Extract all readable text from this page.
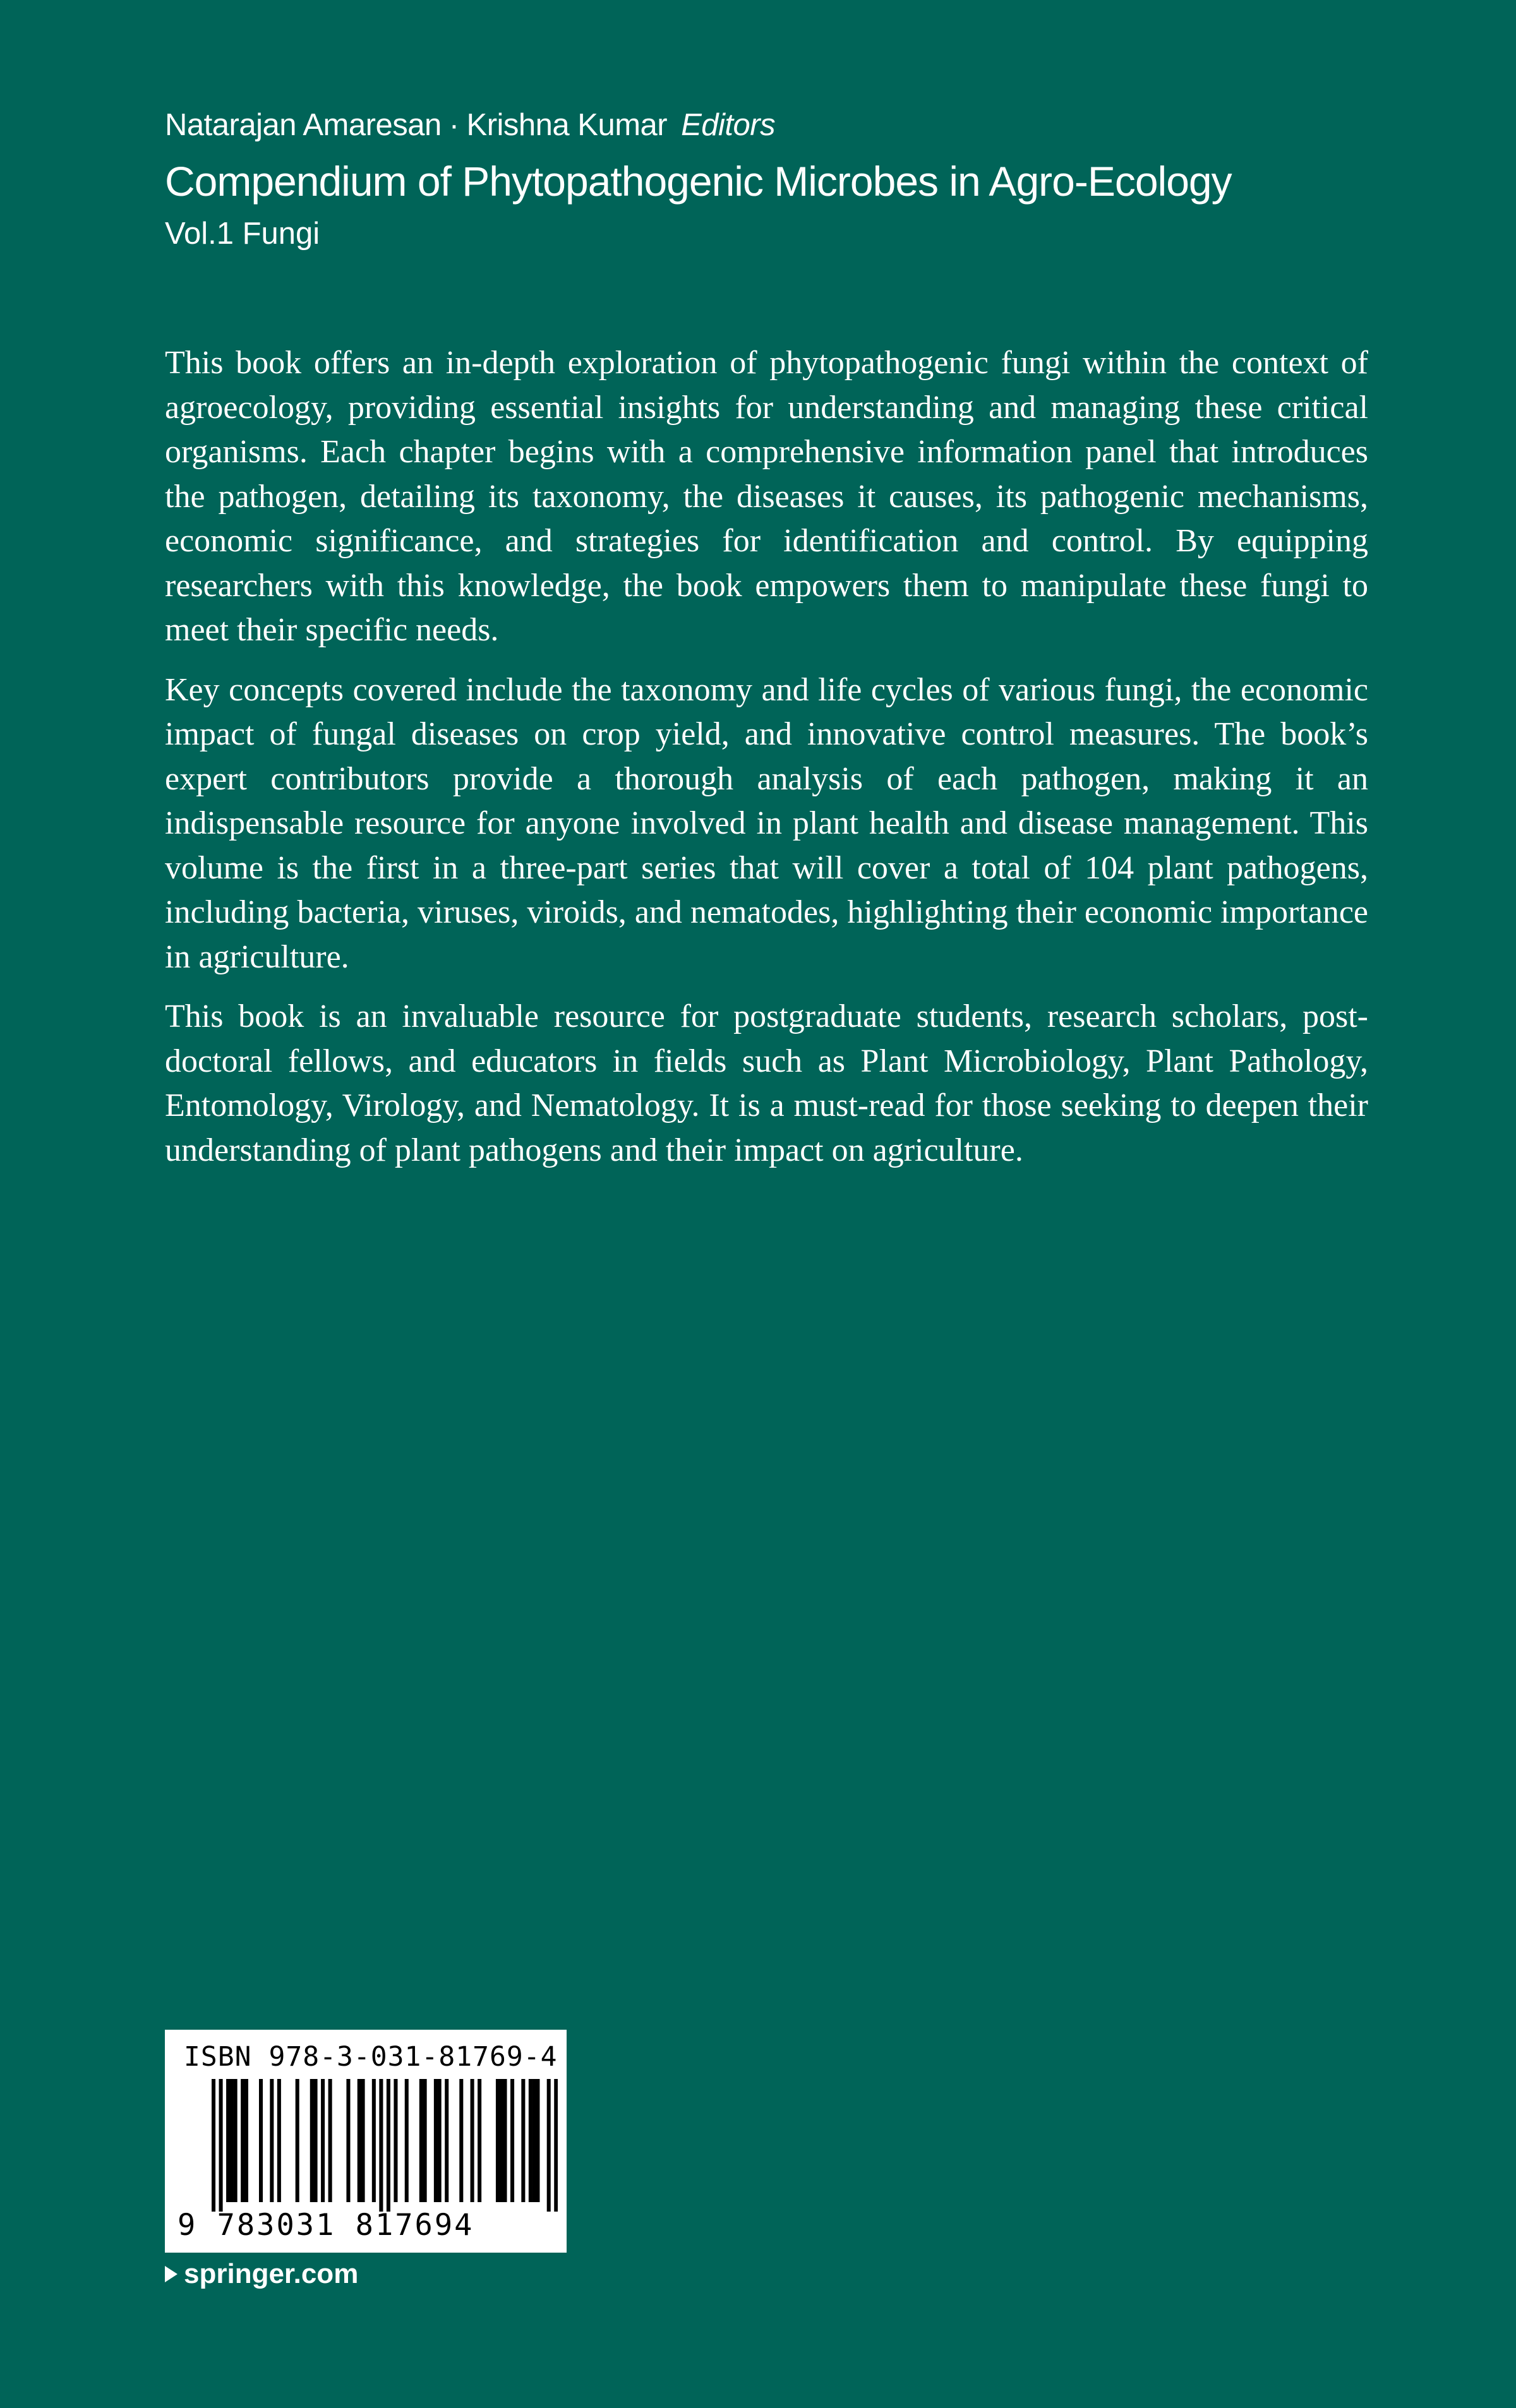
Natarajan Amaresan · Krishna Kumar Editors
Compendium of Phytopathogenic Microbes in Agro-Ecology
Vol.1 Fungi

This book offers an in-depth exploration of phytopathogenic fungi within the context of agroecology, providing essential insights for understanding and managing these critical organisms. Each chapter begins with a comprehensive information panel that introduces the pathogen, detailing its taxonomy, the diseases it causes, its pathogenic mechanisms, economic significance, and strategies for identification and control. By equipping researchers with this knowledge, the book empowers them to manipulate these fungi to meet their specific needs.

Key concepts covered include the taxonomy and life cycles of various fungi, the economic impact of fungal diseases on crop yield, and innovative control measures. The book’s expert contributors provide a thorough analysis of each pathogen, making it an indispensable resource for anyone involved in plant health and disease management. This volume is the first in a three-part series that will cover a total of 104 plant pathogens, including bacteria, viruses, viroids, and nematodes, highlighting their economic importance in agriculture.

This book is an invaluable resource for postgraduate students, research scholars, post-doctoral fellows, and educators in fields such as Plant Microbiology, Plant Pathology, Entomology, Virology, and Nematology. It is a must-read for those seeking to deepen their understanding of plant pathogens and their impact on agriculture.

ISBN 978-3-031-81769-4
9 783031 817694
springer.com
